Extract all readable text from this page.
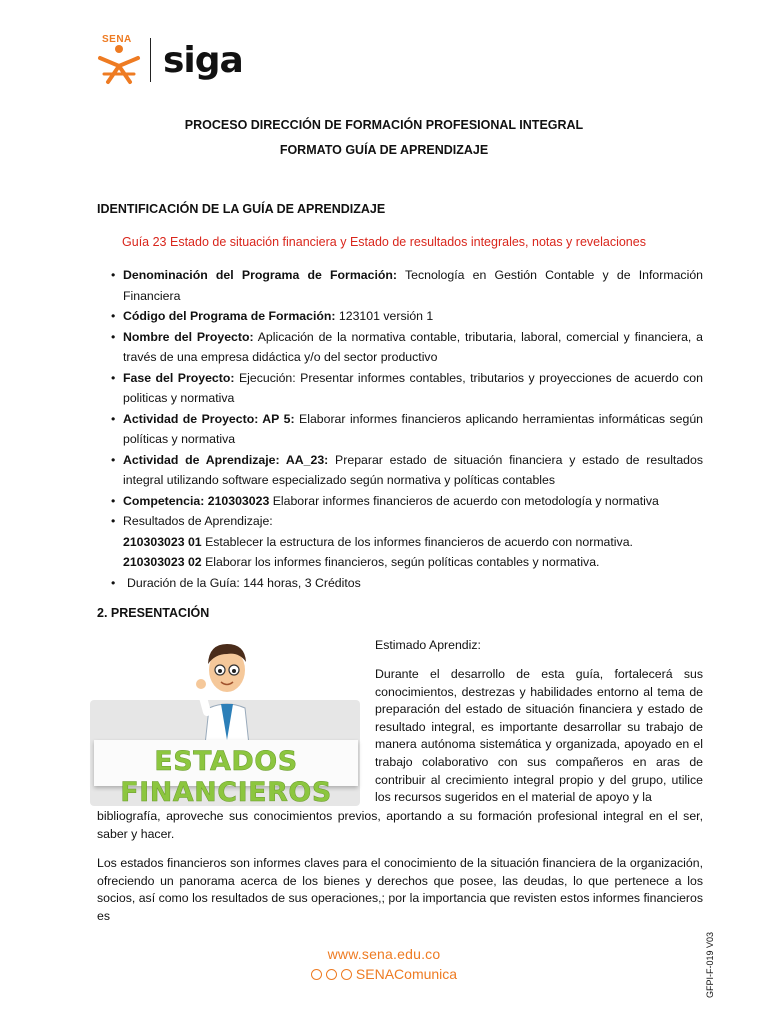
SENA siga
PROCESO DIRECCIÓN DE FORMACIÓN PROFESIONAL INTEGRAL
FORMATO GUÍA DE APRENDIZAJE
IDENTIFICACIÓN DE LA GUÍA DE APRENDIZAJE
Guía 23 Estado de situación financiera y Estado de resultados integrales, notas y revelaciones
Denominación del Programa de Formación: Tecnología en Gestión Contable y de Información Financiera
Código del Programa de Formación: 123101 versión 1
Nombre del Proyecto: Aplicación de la normativa contable, tributaria, laboral, comercial y financiera, a través de una empresa didáctica y/o del sector productivo
Fase del Proyecto: Ejecución: Presentar informes contables, tributarios y proyecciones de acuerdo con politicas y normativa
Actividad de Proyecto: AP 5: Elaborar informes financieros aplicando herramientas informáticas según políticas y normativa
Actividad de Aprendizaje: AA_23: Preparar estado de situación financiera y estado de resultados integral utilizando software especializado según normativa y políticas contables
Competencia: 210303023 Elaborar informes financieros de acuerdo con metodología y normativa
Resultados de Aprendizaje:
210303023 01 Establecer la estructura de los informes financieros de acuerdo con normativa.
210303023 02 Elaborar los informes financieros, según políticas contables y normativa.
Duración de la Guía: 144 horas, 3 Créditos
2. PRESENTACIÓN
ESTADOS FINANCIEROS
Estimado Aprendiz:
Durante el desarrollo de esta guía, fortalecerá sus conocimientos, destrezas y habilidades entorno al tema de preparación del estado de situación financiera y estado de resultado integral, es importante desarrollar su trabajo de manera autónoma sistemática y organizada, apoyado en el trabajo colaborativo con sus compañeros en aras de contribuir al crecimiento integral propio y del grupo, utilice los recursos sugeridos en el material de apoyo y la
bibliografía, aproveche sus conocimientos previos, aportando a su formación profesional integral en el ser, saber y hacer.
Los estados financieros son informes claves para el conocimiento de la situación financiera de la organización, ofreciendo un panorama acerca de los bienes y derechos que posee, las deudas, lo que pertenece a los socios, así como los resultados de sus operaciones,; por la importancia que revisten estos informes financieros es
www.sena.edu.co
SENAComunica	GFPI-F-019 V03
